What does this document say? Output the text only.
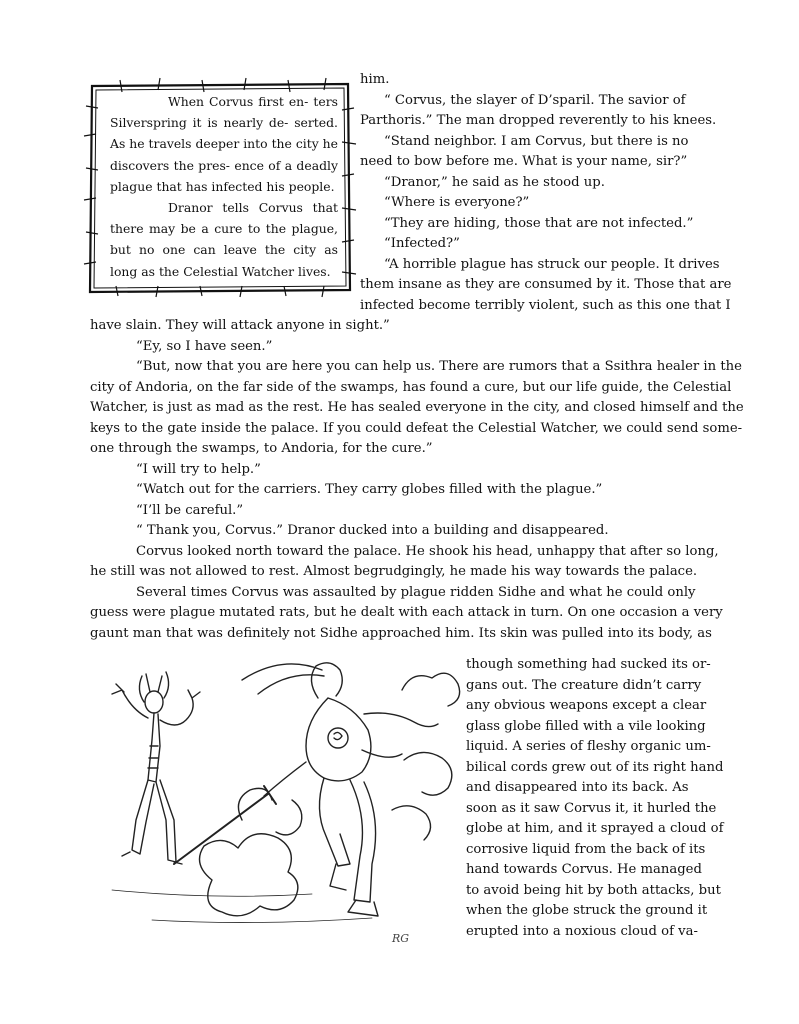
When Corvus first en- ters Silverspring it is nearly de- serted. As he travels deeper into the city he discovers the pres- ence of a deadly plague that has infected his people.

Dranor tells Corvus that there may be a cure to the plague, but no one can leave the city as long as the Celestial Watcher lives.

him.
“ Corvus, the slayer of D’sparil. The savior of
Parthoris.” The man dropped reverently to his knees.
“Stand neighbor. I am Corvus, but there is no
need to bow before me. What is your name, sir?”
“Dranor,” he said as he stood up.
“Where is everyone?”
“They are hiding, those that are not infected.”
“Infected?”
“A horrible plague has struck our people. It drives
them insane as they are consumed by it. Those that are
infected become terribly violent, such as this one that I
have slain. They will attack anyone in sight.”
“Ey, so I have seen.”
“But, now that you are here you can help us. There are rumors that a Ssithra healer in the
city of Andoria, on the far side of the swamps, has found a cure, but our life guide, the Celestial
Watcher, is just as mad as the rest. He has sealed everyone in the city, and closed himself and the
keys to the gate inside the palace. If you could defeat the Celestial Watcher, we could send some-
one through the swamps, to Andoria, for the cure.”
“I will try to help.”
“Watch out for the carriers. They carry globes filled with the plague.”
“I’ll be careful.”
“ Thank you, Corvus.” Dranor ducked into a building and disappeared.
Corvus looked north toward the palace. He shook his head, unhappy that after so long,
he still was not allowed to rest. Almost begrudgingly, he made his way towards the palace.
Several times Corvus was assaulted by plague ridden Sidhe and what he could only
guess were plague mutated rats, but he dealt with each attack in turn. On one occasion a very
gaunt man that was definitely not Sidhe approached him. Its skin was pulled into its body, as
RG
though something had sucked its or-
gans out. The creature didn’t carry
any obvious weapons except a clear
glass globe filled with a vile looking
liquid. A series of fleshy organic um-
bilical cords grew out of its right hand
and disappeared into its back. As
soon as it saw Corvus it, it hurled the
globe at him, and it sprayed a cloud of
corrosive liquid from the back of its
hand towards Corvus. He managed
to avoid being hit by both attacks, but
when the globe struck the ground it
erupted into a noxious cloud of va-
